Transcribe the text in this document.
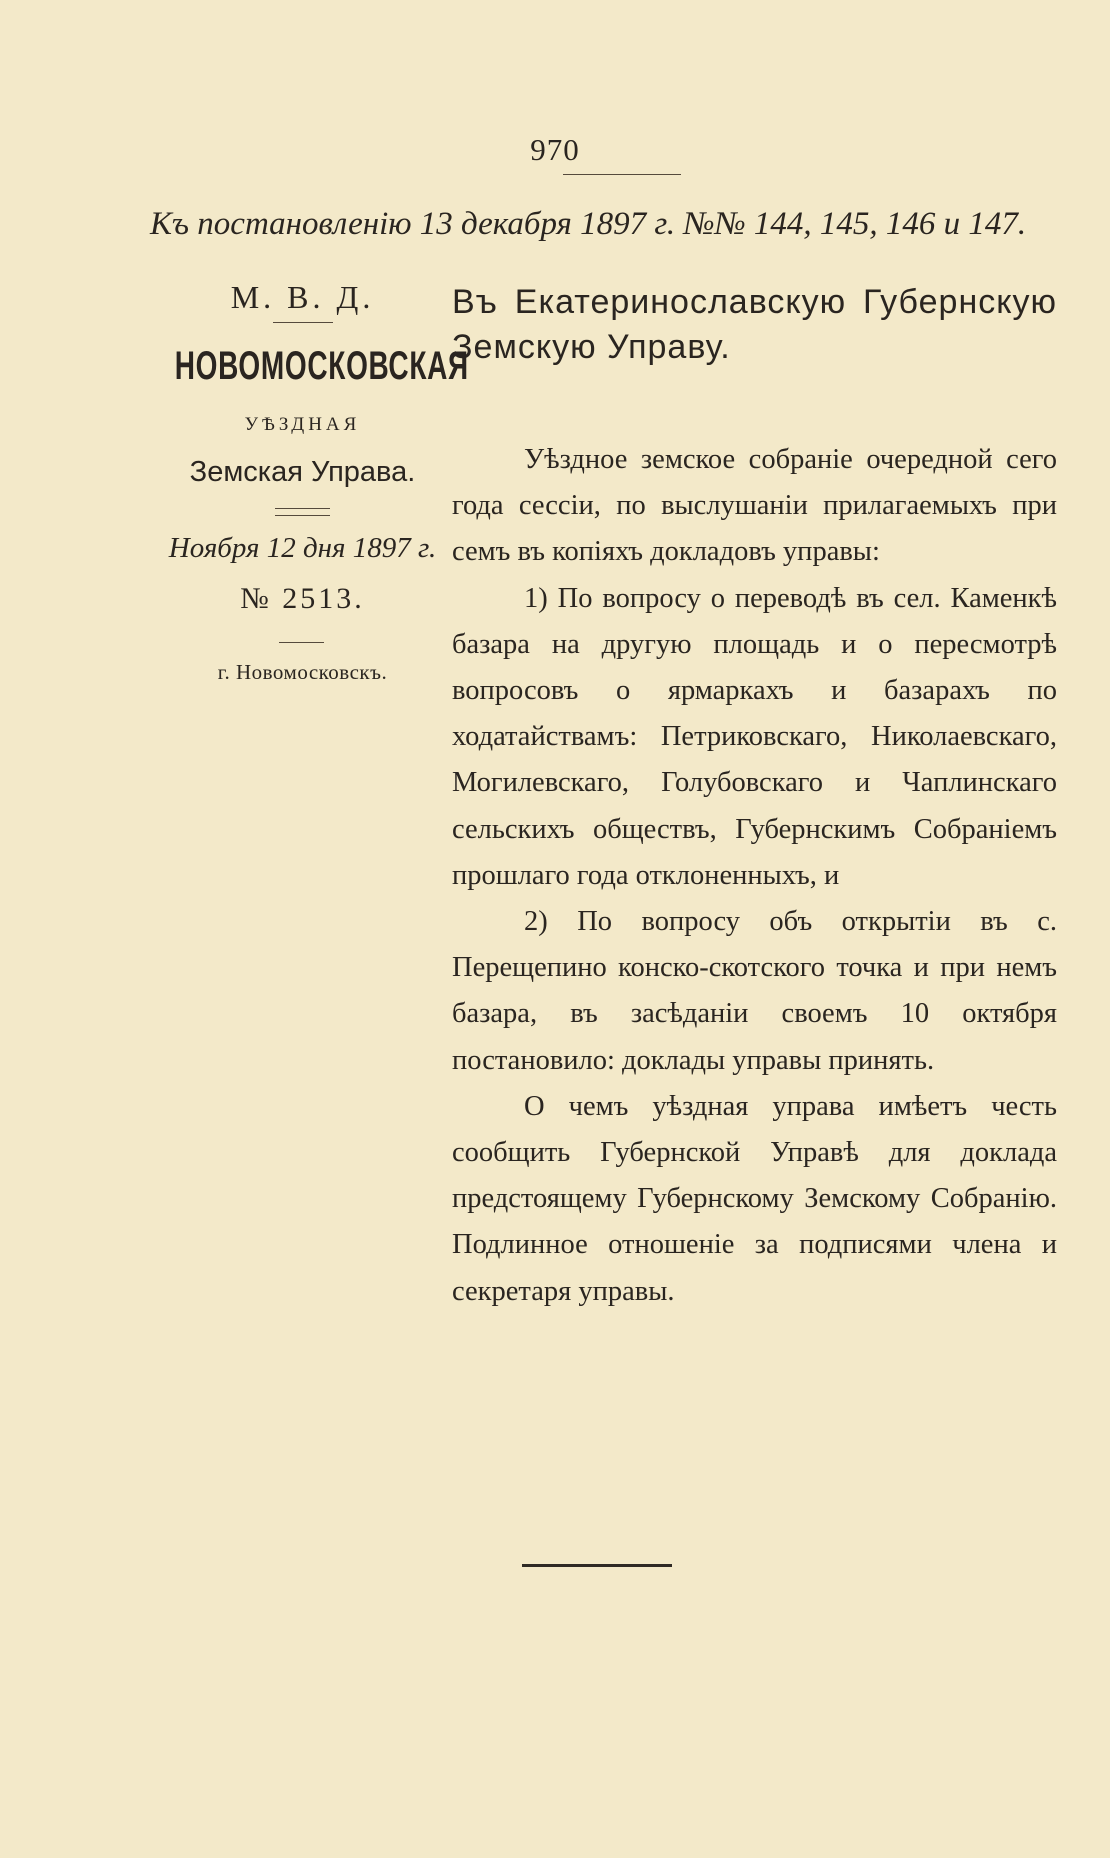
970
Къ постановленію 13 декабря 1897 г. №№ 144, 145, 146 и 147.
М. В. Д.
НОВОМОСКОВСКАЯ
УѢЗДНАЯ
Земская Управа.
Ноября 12 дня 1897 г.
№ 2513.
г. Новомосковскъ.
Въ Екатеринославскую Губернскую Земскую Управу.

Уѣздное земское собраніе очередной сего года сессіи, по выслушаніи прилагаемыхъ при семъ въ копіяхъ докладовъ управы:

1) По вопросу о переводѣ въ сел. Каменкѣ базара на другую площадь и о пересмотрѣ вопросовъ о ярмаркахъ и базарахъ по ходатайствамъ: Петриковскаго, Николаевскаго, Могилевскаго, Голубовскаго и Чаплинскаго сельскихъ обществъ, Губернскимъ Собраніемъ прошлаго года отклоненныхъ, и

2) По вопросу объ открытіи въ с. Перещепино конско-скотского точка и при немъ базара, въ засѣданіи своемъ 10 октября постановило: доклады управы принять.

О чемъ уѣздная управа имѣетъ честь сообщить Губернской Управѣ для доклада предстоящему Губернскому Земскому Собранію. Подлинное отношеніе за подписями члена и секретаря управы.
